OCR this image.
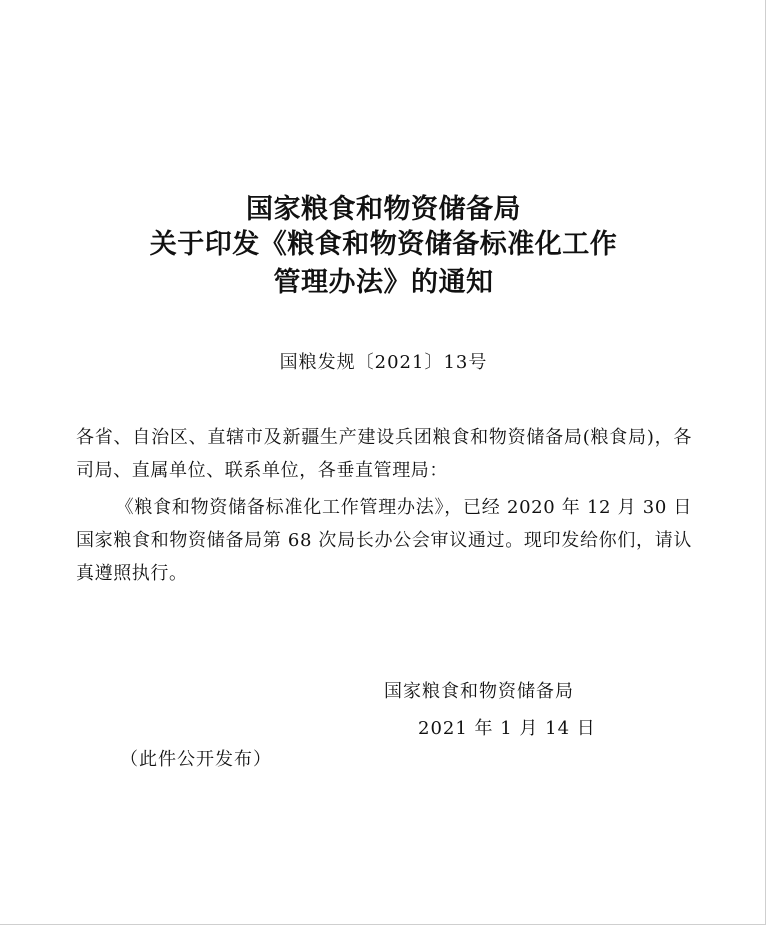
国家粮食和物资储备局
关于印发《粮食和物资储备标准化工作
管理办法》的通知
国粮发规〔2021〕13号
各省、自治区、直辖市及新疆生产建设兵团粮食和物资储备局(粮食局)，各司局、直属单位、联系单位，各垂直管理局：
《粮食和物资储备标准化工作管理办法》，已经 2020 年 12 月 30 日国家粮食和物资储备局第 68 次局长办公会审议通过。现印发给你们，请认真遵照执行。
国家粮食和物资储备局
2021 年 1 月 14 日
（此件公开发布）
